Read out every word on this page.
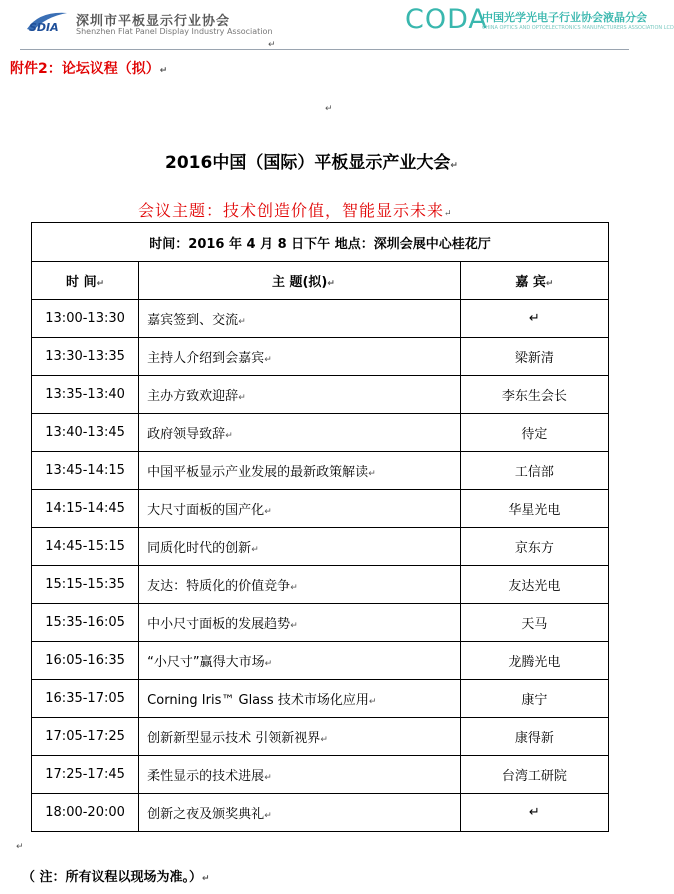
SDIA 深圳市平板显示行业协会
Shenzhen Flat Panel Display Industry Association	CODA
中国光学光电子行业协会液晶分会
CHINA OPTICS AND OPTOELECTRONICS MANUFACTURERS ASSOCIATION LCD
↵
附件2：论坛议程（拟）↵
↵
2016中国（国际）平板显示产业大会↵
会议主题：技术创造价值，智能显示未来↵
时间：2016 年 4 月 8 日下午 地点：深圳会展中心桂花厅		
时 间↵	主 题(拟)↵	嘉 宾↵
13:00-13:30	嘉宾签到、交流↵	↵
13:30-13:35	主持人介绍到会嘉宾↵	梁新清
13:35-13:40	主办方致欢迎辞↵	李东生会长
13:40-13:45	政府领导致辞↵	待定
13:45-14:15	中国平板显示产业发展的最新政策解读↵	工信部
14:15-14:45	大尺寸面板的国产化↵	华星光电
14:45-15:15	同质化时代的创新↵	京东方
15:15-15:35	友达：特质化的价值竞争↵	友达光电
15:35-16:05	中小尺寸面板的发展趋势↵	天马
16:05-16:35	“小尺寸”赢得大市场↵	龙腾光电
16:35-17:05	Corning Iris™ Glass 技术市场化应用↵	康宁
17:05-17:25	创新新型显示技术 引领新视界↵	康得新
17:25-17:45	柔性显示的技术进展↵	台湾工研院
18:00-20:00	创新之夜及颁奖典礼↵	↵
↵
（ 注：所有议程以现场为准。）↵
